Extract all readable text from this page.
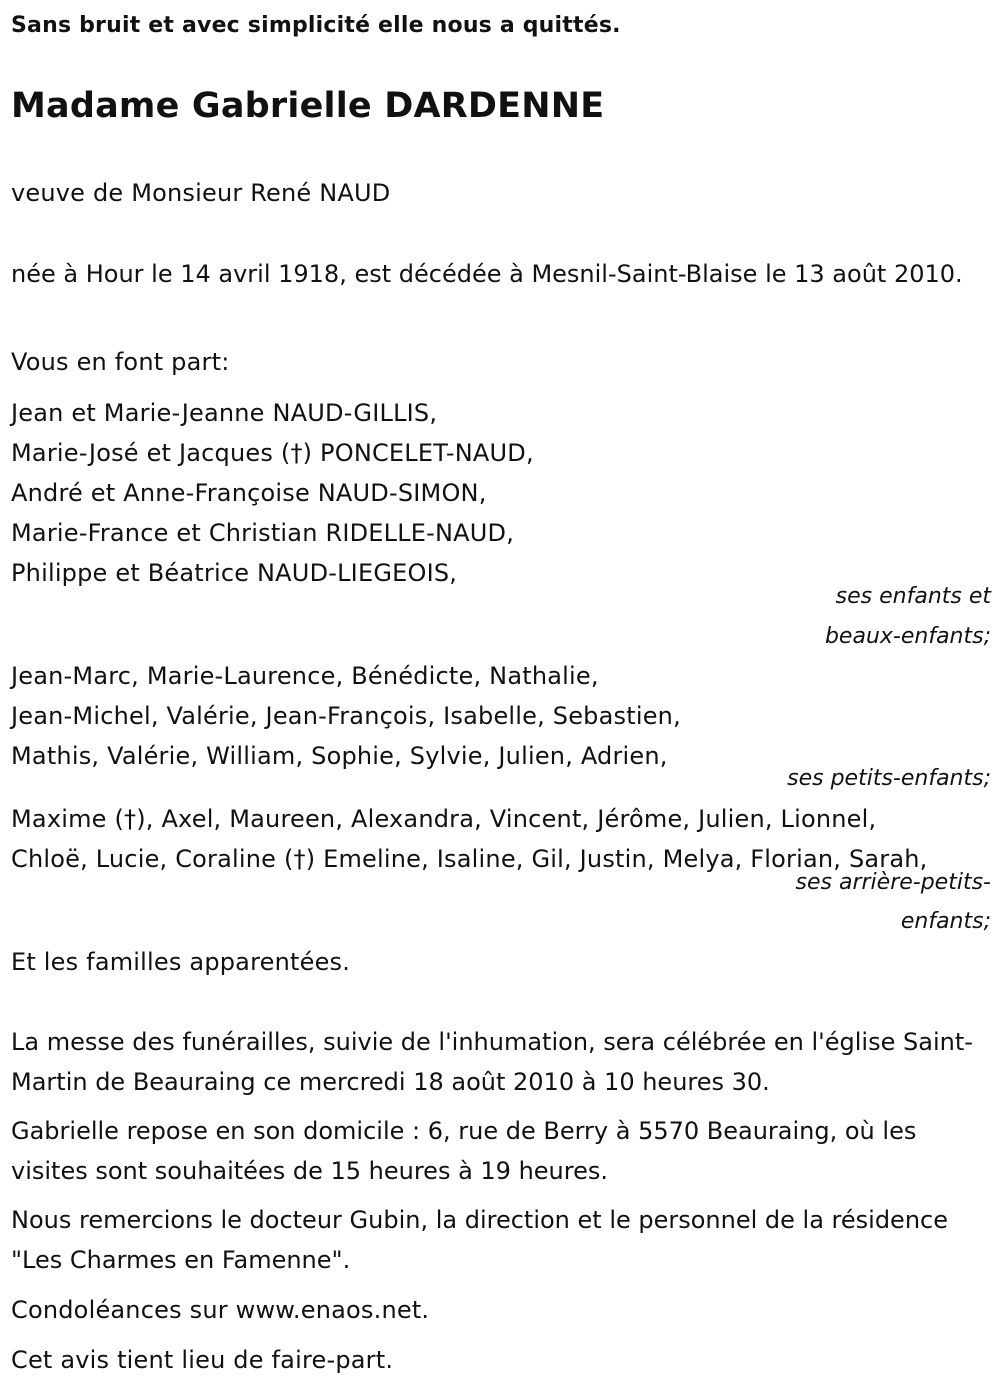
Sans bruit et avec simplicité elle nous a quittés.
Madame Gabrielle DARDENNE
veuve de Monsieur René NAUD
née à Hour le 14 avril 1918, est décédée à Mesnil-Saint-Blaise le 13 août 2010.
Vous en font part:
Jean et Marie-Jeanne NAUD-GILLIS,
Marie-José et Jacques (†) PONCELET-NAUD,
André et Anne-Françoise NAUD-SIMON,
Marie-France et Christian RIDELLE-NAUD,
Philippe et Béatrice NAUD-LIEGEOIS,
ses enfants et
beaux-enfants;
Jean-Marc, Marie-Laurence, Bénédicte, Nathalie,
Jean-Michel, Valérie, Jean-François, Isabelle, Sebastien,
Mathis, Valérie, William, Sophie, Sylvie, Julien, Adrien,
ses petits-enfants;
Maxime (†), Axel, Maureen, Alexandra, Vincent, Jérôme, Julien, Lionnel,
Chloë, Lucie, Coraline (†) Emeline, Isaline, Gil, Justin, Melya, Florian, Sarah,
ses arrière-petits-
enfants;
Et les familles apparentées.
La messe des funérailles, suivie de l'inhumation, sera célébrée en l'église Saint-Martin de Beauraing ce mercredi 18 août 2010 à 10 heures 30.
Gabrielle repose en son domicile : 6, rue de Berry à 5570 Beauraing, où les visites sont souhaitées de 15 heures à 19 heures.
Nous remercions le docteur Gubin, la direction et le personnel de la résidence "Les Charmes en Famenne".
Condoléances sur www.enaos.net.
Cet avis tient lieu de faire-part.
